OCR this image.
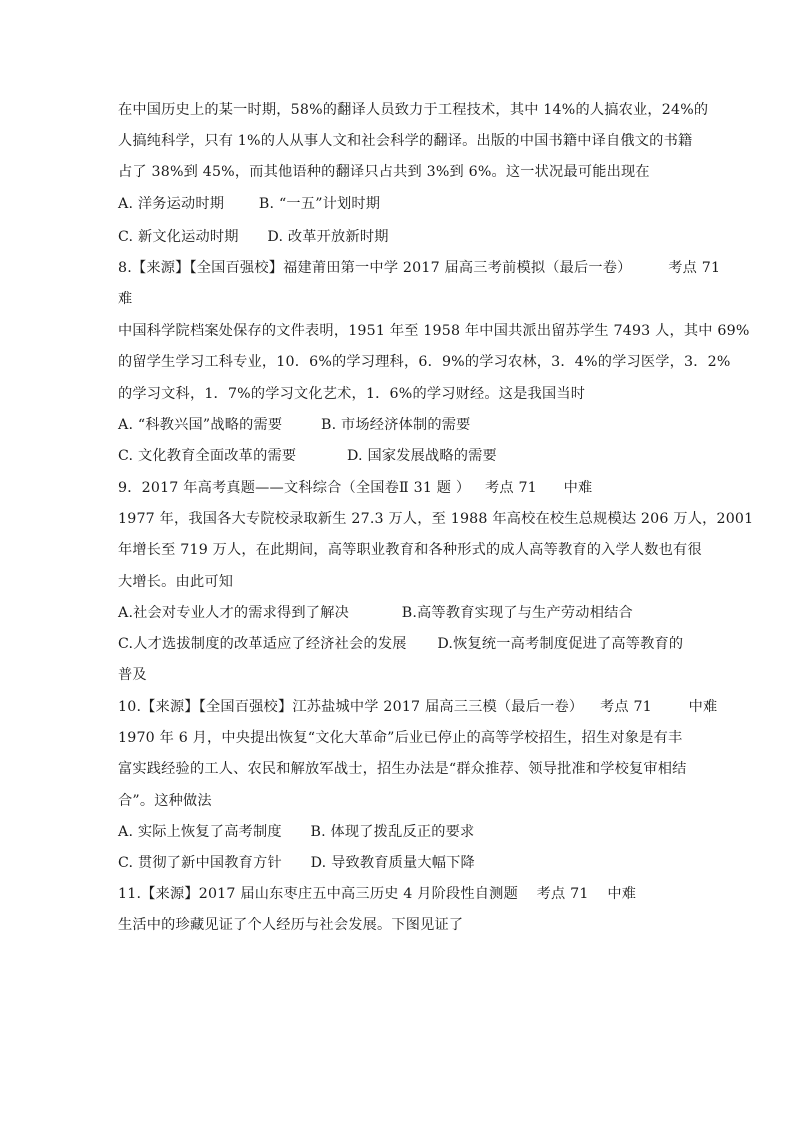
在中国历史上的某一时期，58%的翻译人员致力于工程技术，其中 14%的人搞农业，24%的
人搞纯科学，只有 1%的人从事人文和社会科学的翻译。出版的中国书籍中译自俄文的书籍
占了 38%到 45%，而其他语种的翻译只占共到 3%到 6%。这一状况最可能出现在
A. 洋务运动时期 B. “一五”计划时期
C. 新文化运动时期 D. 改革开放新时期
8.【来源】【全国百强校】福建莆田第一中学 2017 届高三考前模拟（最后一卷）	考点 71
难
中国科学院档案处保存的文件表明，1951 年至 1958 年中国共派出留苏学生 7493 人，其中 69%
的留学生学习工科专业，10．6%的学习理科，6．9%的学习农林，3．4%的学习医学，3．2%
的学习文科，1．7%的学习文化艺术，1．6%的学习财经。这是我国当时
A. “科教兴国”战略的需要	B. 市场经济体制的需要
C. 文化教育全面改革的需要	D. 国家发展战略的需要
9．2017 年高考真题——文科综合（全国卷Ⅱ 31 题 ） 考点 71 中难
1977 年，我国各大专院校录取新生 27.3 万人，至 1988 年高校在校生总规模达 206 万人，2001
年增长至 719 万人，在此期间，高等职业教育和各种形式的成人高等教育的入学人数也有很
大增长。由此可知
A.社会对专业人才的需求得到了解决	B.高等教育实现了与生产劳动相结合
C.人才选拔制度的改革适应了经济社会的发展 D.恢复统一高考制度促进了高等教育的
普及
10.【来源】【全国百强校】江苏盐城中学 2017 届高三三模（最后一卷） 考点 71	中难
1970 年 6 月，中央提出恢复“文化大革命”后业已停止的高等学校招生，招生对象是有丰
富实践经验的工人、农民和解放军战士，招生办法是“群众推荐、领导批准和学校复审相结
合”。这种做法
A. 实际上恢复了高考制度 B. 体现了拨乱反正的要求
C. 贯彻了新中国教育方针 D. 导致教育质量大幅下降
11.【来源】2017 届山东枣庄五中高三历史 4 月阶段性自测题 考点 71 中难
生活中的珍藏见证了个人经历与社会发展。下图见证了
